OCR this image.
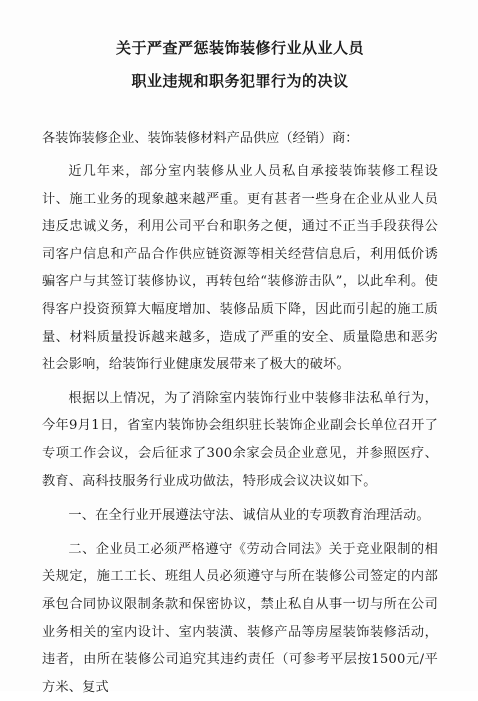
关于严查严惩装饰装修行业从业人员
职业违规和职务犯罪行为的决议
各装饰装修企业、装饰装修材料产品供应（经销）商：

近几年来，部分室内装修从业人员私自承接装饰装修工程设计、施工业务的现象越来越严重。更有甚者一些身在企业从业人员违反忠诚义务，利用公司平台和职务之便，通过不正当手段获得公司客户信息和产品合作供应链资源等相关经营信息后，利用低价诱骗客户与其签订装修协议，再转包给“装修游击队”，以此牟利。使得客户投资预算大幅度增加、装修品质下降，因此而引起的施工质量、材料质量投诉越来越多，造成了严重的安全、质量隐患和恶劣社会影响，给装饰行业健康发展带来了极大的破坏。

根据以上情况，为了消除室内装饰行业中装修非法私单行为，今年9月1日，省室内装饰协会组织驻长装饰企业副会长单位召开了专项工作会议，会后征求了300余家会员企业意见，并参照医疗、教育、高科技服务行业成功做法，特形成会议决议如下。

一、在全行业开展遵法守法、诚信从业的专项教育治理活动。

二、企业员工必须严格遵守《劳动合同法》关于竞业限制的相关规定，施工工长、班组人员必须遵守与所在装修公司签定的内部承包合同协议限制条款和保密协议，禁止私自从事一切与所在公司业务相关的室内设计、室内装潢、装修产品等房屋装饰装修活动，违者，由所在装修公司追究其违约责任（可参考平层按1500元/平方米、复式
